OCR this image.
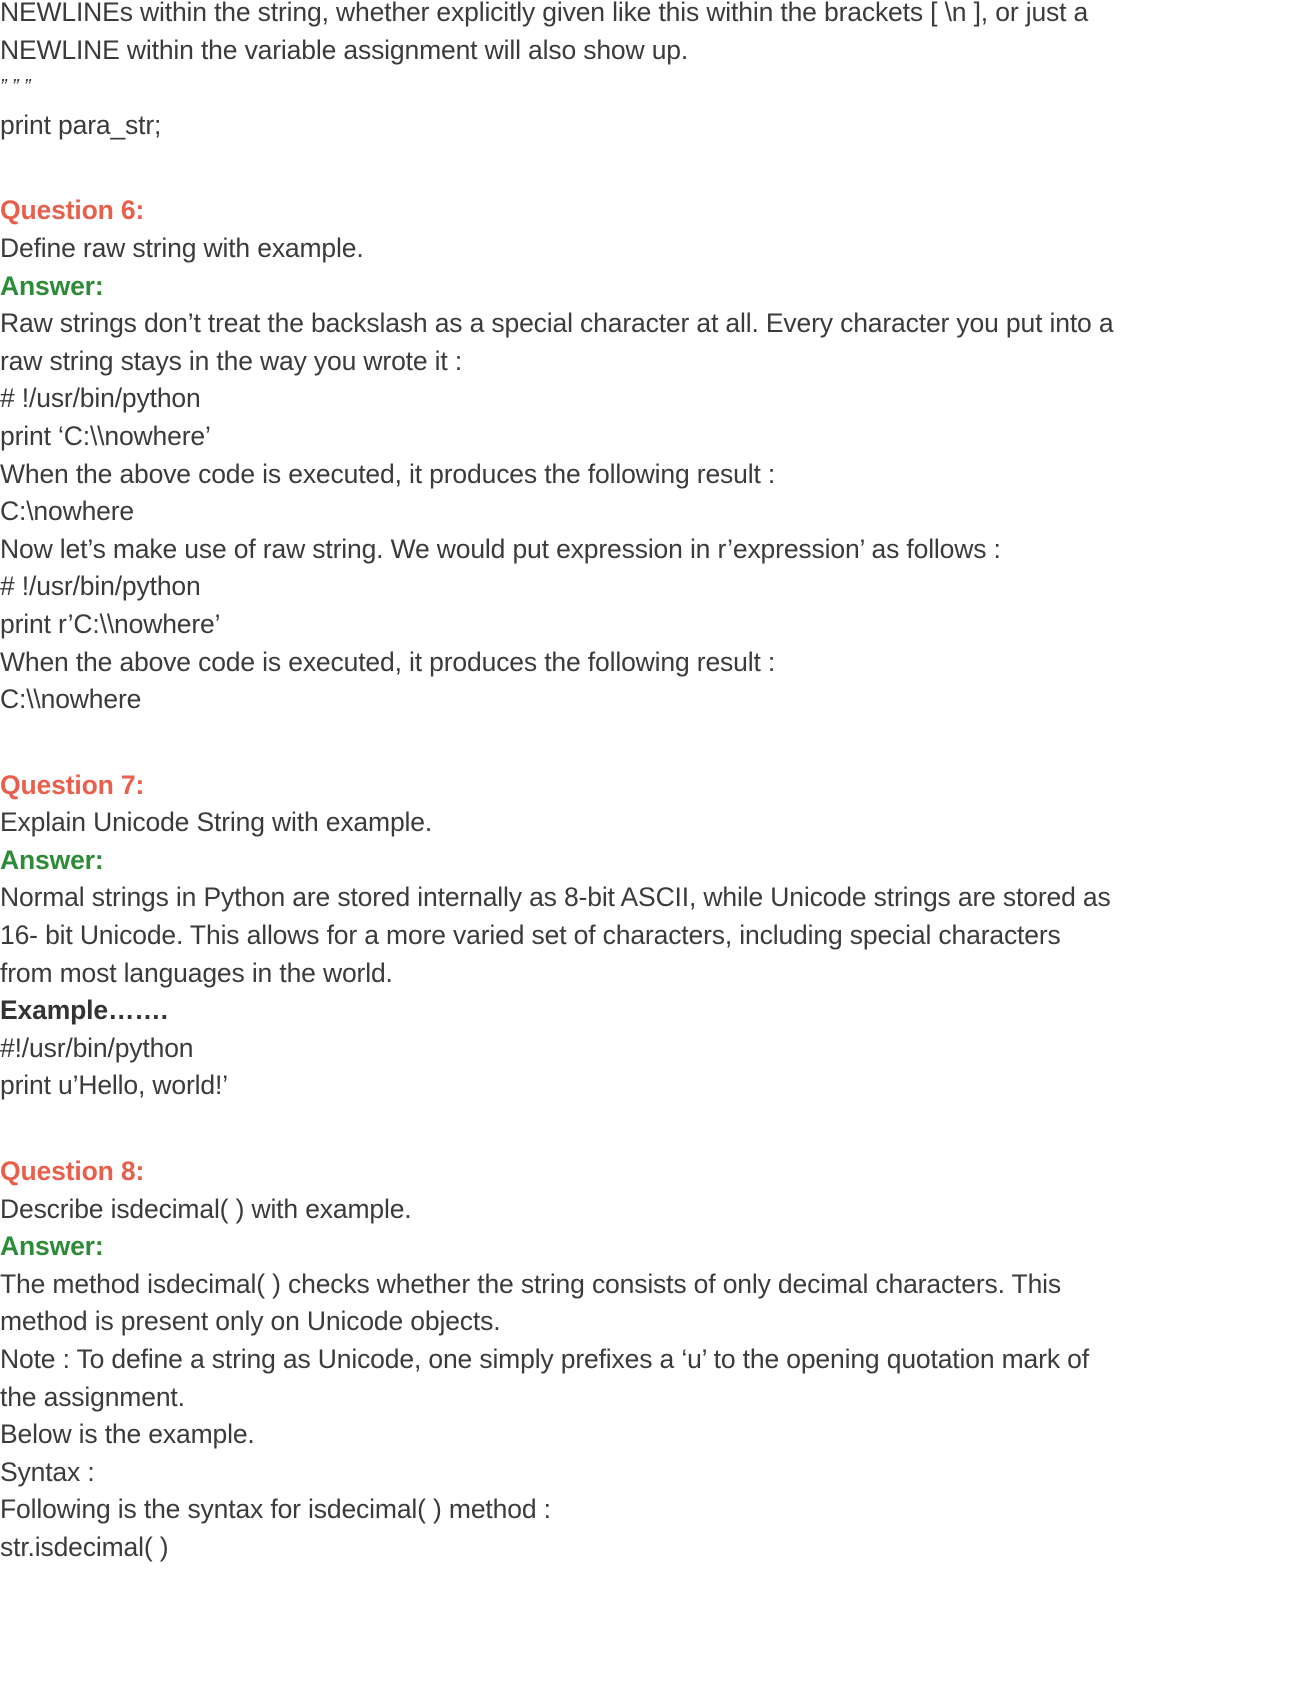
NEWLINEs within the string, whether explicitly given like this within the brackets [ \n ], or just a
NEWLINE within the variable assignment will also show up.
” ” ”
print para_str;
Question 6:
Define raw string with example.
Answer:
Raw strings don’t treat the backslash as a special character at all. Every character you put into a
raw string stays in the way you wrote it :
# !/usr/bin/python
print ‘C:\\nowhere’
When the above code is executed, it produces the following result :
C:\nowhere
Now let’s make use of raw string. We would put expression in r’expression’ as follows :
# !/usr/bin/python
print r’C:\\nowhere’
When the above code is executed, it produces the following result :
C:\\nowhere
Question 7:
Explain Unicode String with example.
Answer:
Normal strings in Python are stored internally as 8-bit ASCII, while Unicode strings are stored as
16- bit Unicode. This allows for a more varied set of characters, including special characters
from most languages in the world.
Example…….
#!/usr/bin/python
print u’Hello, world!’
Question 8:
Describe isdecimal( ) with example.
Answer:
The method isdecimal( ) checks whether the string consists of only decimal characters. This
method is present only on Unicode objects.
Note : To define a string as Unicode, one simply prefixes a ‘u’ to the opening quotation mark of
the assignment.
Below is the example.
Syntax :
Following is the syntax for isdecimal( ) method :
str.isdecimal( )
